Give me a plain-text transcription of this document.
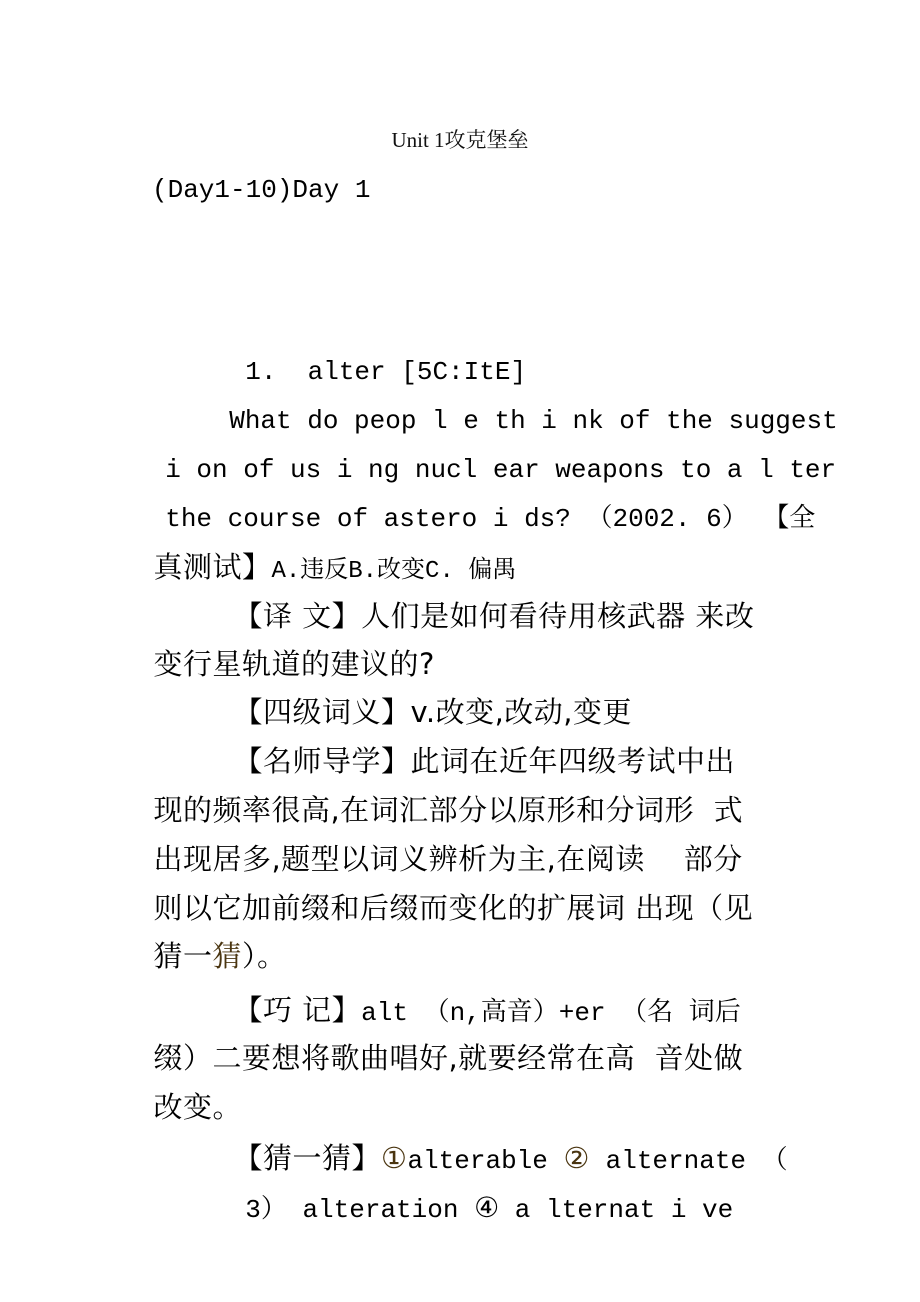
Unit 1攻克堡垒
(Day1-10)Day 1

1.  alter [5C:ItE]

What do peop l e th i nk of the suggest

i on of us i ng nucl ear weapons to a l ter

the course of astero i ds? （2002. 6） 【全

真测试】A.违反B.改变C. 偏禺

【译 文】人们是如何看待用核武器 来改

变行星轨道的建议的?

【四级词义】v.改变,改动,变更

【名师导学】此词在近年四级考试中出

现的频率很高,在词汇部分以原形和分词形  式

出现居多,题型以词义辨析为主,在阅读    部分

则以它加前缀和后缀而变化的扩展词 出现（见

猜一猜）。

【巧 记】alt （n,高音）+er （名 词后

缀）二要想将歌曲唱好,就要经常在高  音处做

改变。

【猜一猜】①alterable ② alternate （

3） alteration ④ a lternat i ve
